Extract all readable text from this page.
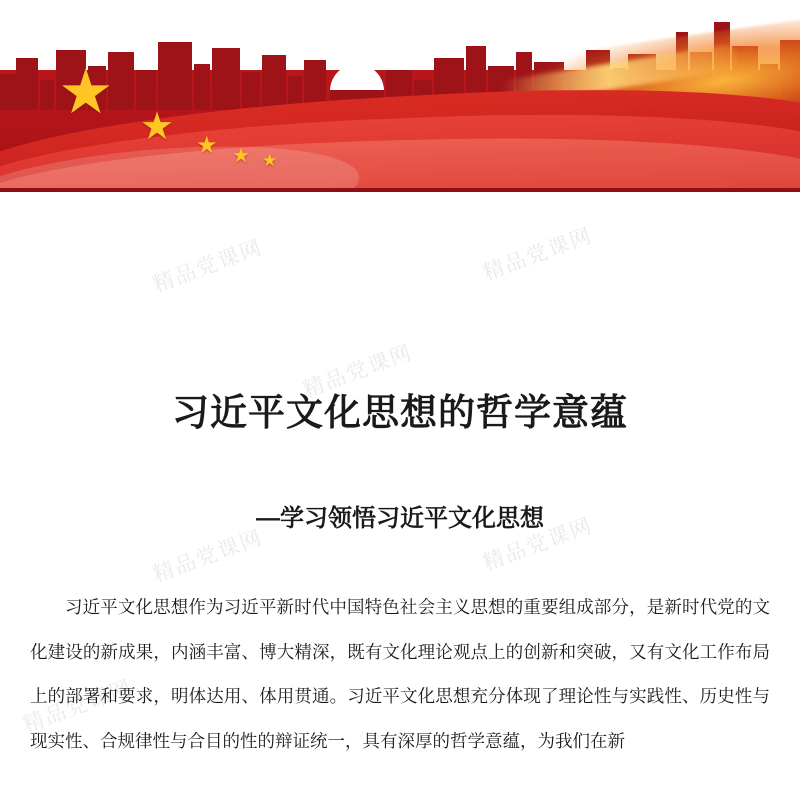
★ ★ ★ ★ ★
精品党课网	精品党课网
精品党课网
精品党课网	精品党课网
精品党课网
习近平文化思想的哲学意蕴
—学习领悟习近平文化思想

习近平文化思想作为习近平新时代中国特色社会主义思想的重要组成部分，是新时代党的文化建设的新成果，内涵丰富、博大精深，既有文化理论观点上的创新和突破，又有文化工作布局上的部署和要求，明体达用、体用贯通。习近平文化思想充分体现了理论性与实践性、历史性与现实性、合规律性与合目的性的辩证统一，具有深厚的哲学意蕴，为我们在新
